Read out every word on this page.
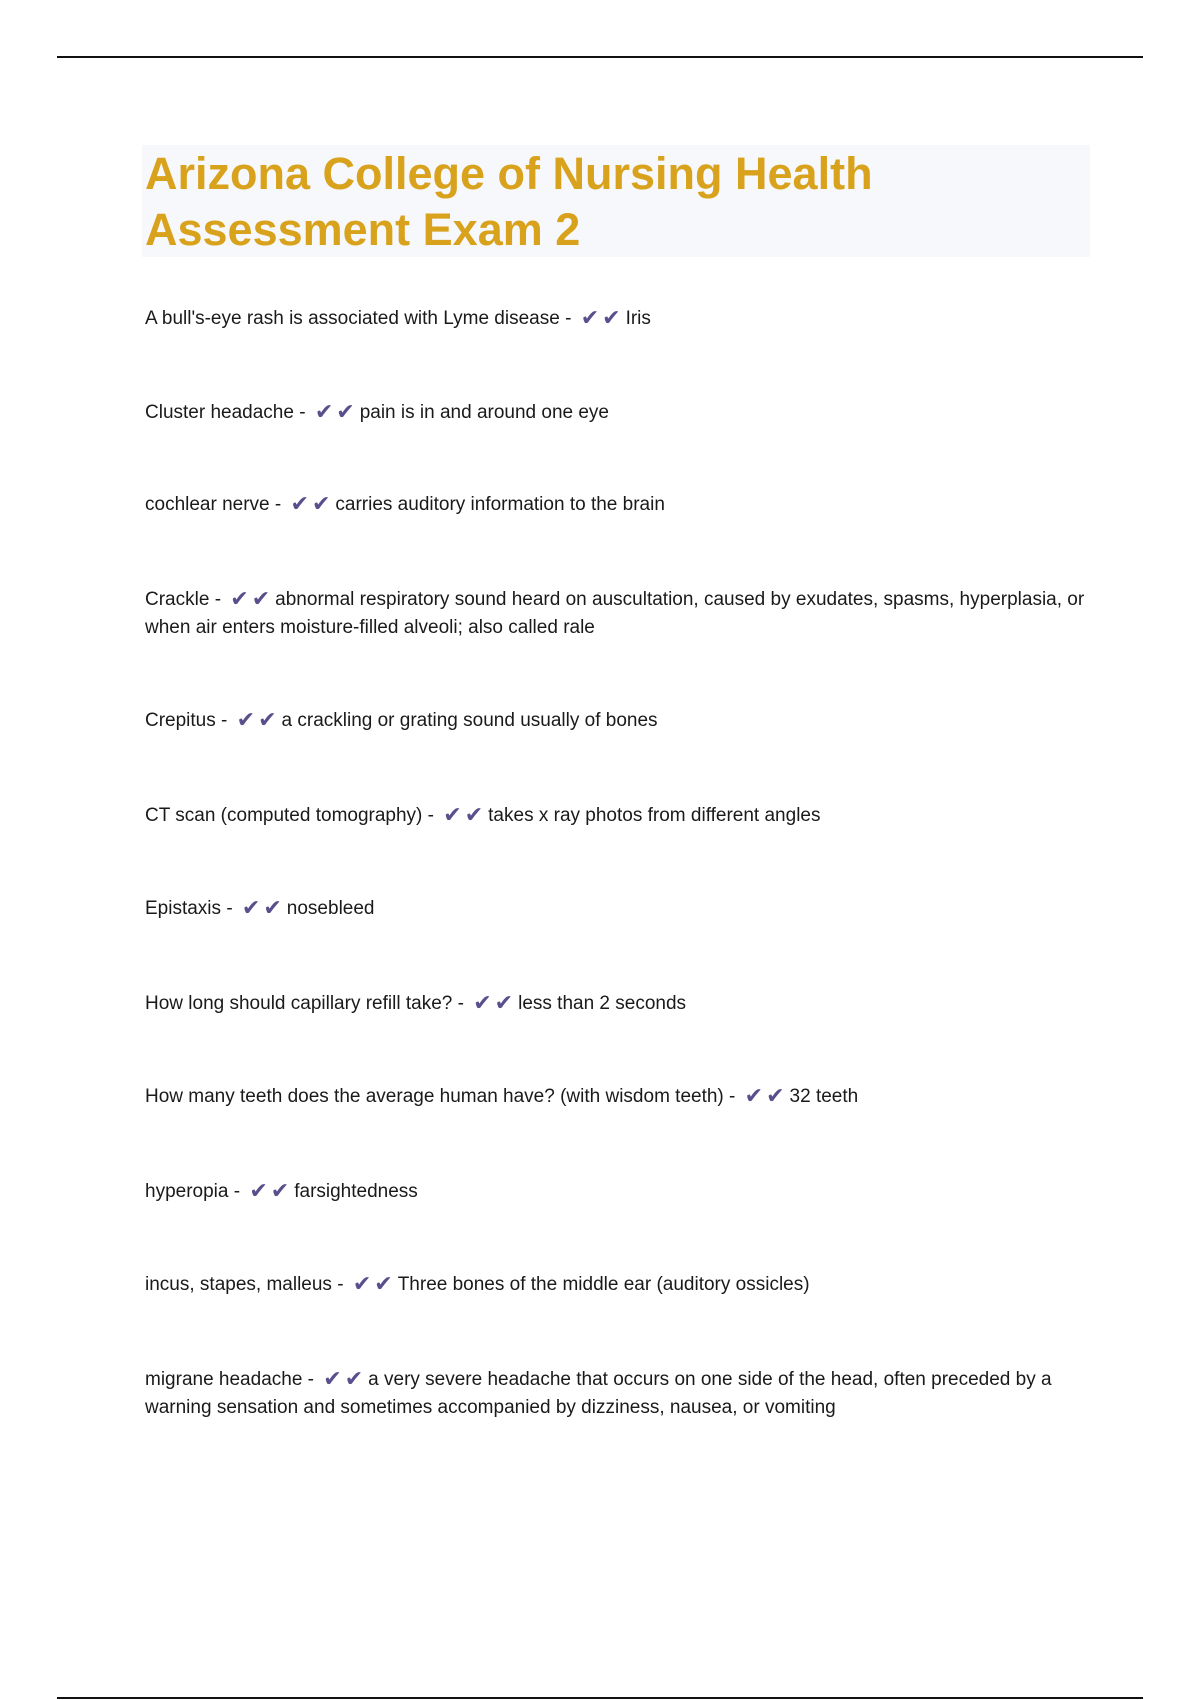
Arizona College of Nursing Health Assessment Exam 2
A bull's-eye rash is associated with Lyme disease - ✔ ✔ Iris
Cluster headache - ✔ ✔ pain is in and around one eye
cochlear nerve - ✔ ✔ carries auditory information to the brain
Crackle - ✔ ✔ abnormal respiratory sound heard on auscultation, caused by exudates, spasms, hyperplasia, or when air enters moisture-filled alveoli; also called rale
Crepitus - ✔ ✔ a crackling or grating sound usually of bones
CT scan (computed tomography) - ✔ ✔ takes x ray photos from different angles
Epistaxis - ✔ ✔ nosebleed
How long should capillary refill take? - ✔ ✔ less than 2 seconds
How many teeth does the average human have? (with wisdom teeth) - ✔ ✔ 32 teeth
hyperopia - ✔ ✔ farsightedness
incus, stapes, malleus - ✔ ✔ Three bones of the middle ear (auditory ossicles)
migrane headache - ✔ ✔ a very severe headache that occurs on one side of the head, often preceded by a warning sensation and sometimes accompanied by dizziness, nausea, or vomiting
